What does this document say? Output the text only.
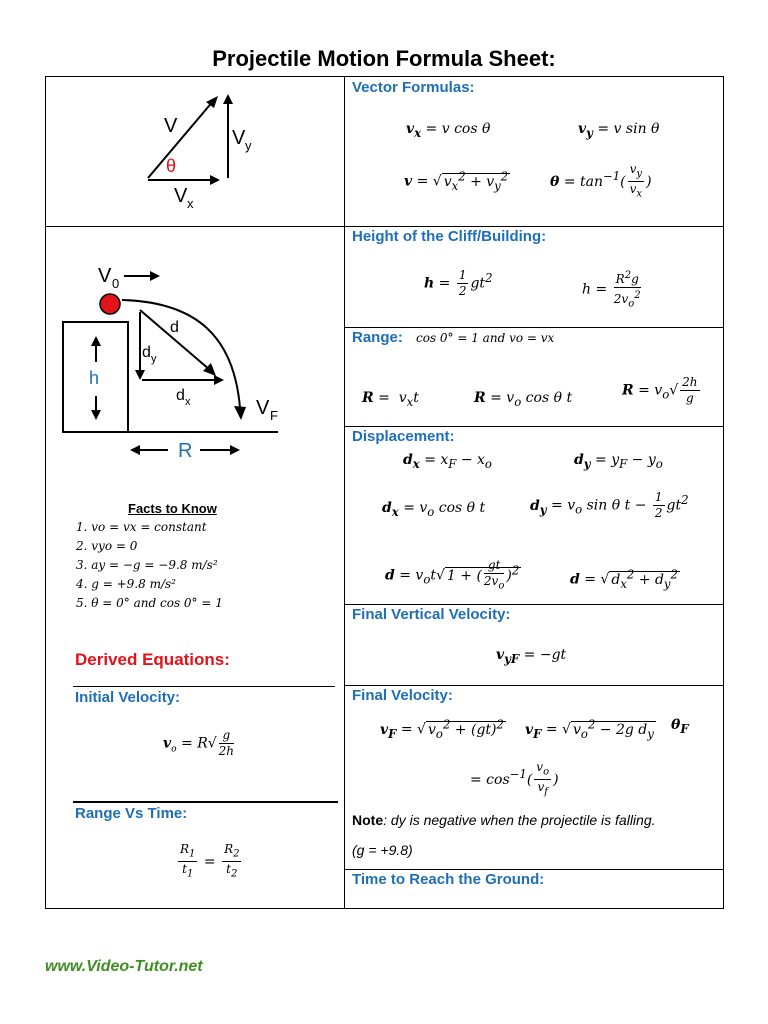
Projectile Motion Formula Sheet:
V
V y
θ
V x
V 0
d
d y
d x
h
V F
R
Facts to Know
1. vo = vx = constant
2. vyo = 0
3. ay = −g = −9.8 m/s²
4. g = +9.8 m/s²
5. θ = 0° and cos 0° = 1
Derived Equations:
Initial Velocity:
$v_o = R√ \frac{g}{2h}$
Range Vs Time:
$\frac{R_1}{t_1} = \frac{R_2}{t_2}$
Vector Formulas:
$v_x = v$ cos θ	$v_y = v$ sin θ
v = √ $v_x^2 + v_y^2$	$\theta = \tan^{-1}( \frac{v_y}{v_x}$ )
Height of the Cliff/Building:
$h = \frac{1}{2} gt^2$
$h = \frac{R^2g}{2v_o^2}$
Range: cos 0° = 1 and vo = vx
$R = v_xt$	$R = v_o$ cos θ t	$R = v_o√ \frac{2h}{g}$
Displacement:
$d_x = x_F - x_o$	$d_y = y_F - y_o$
$d_x = v_o$ cos θ t	$d_y = v_o$ sin θ $t - \frac{1}{2} gt^2$
$d = v_ot√$ 1 + ( $\frac{gt}{2v_o} )^2$
d = √ $d_x^2 + d_y^2$
Final Vertical Velocity:
$v_{yF} = -gt$
Final Velocity:
$v_F$ = √ $v_o^2 + (gt)^2$ $v_F$ = √ $v_o^2 - 2g$ $d_y$
$\theta_F$
= $\cos^{-1}( \frac{v_o}{v_f}$ )
Note: dy is negative when the projectile is falling.
(g = +9.8)
Time to Reach the Ground:
www.Video-Tutor.net
